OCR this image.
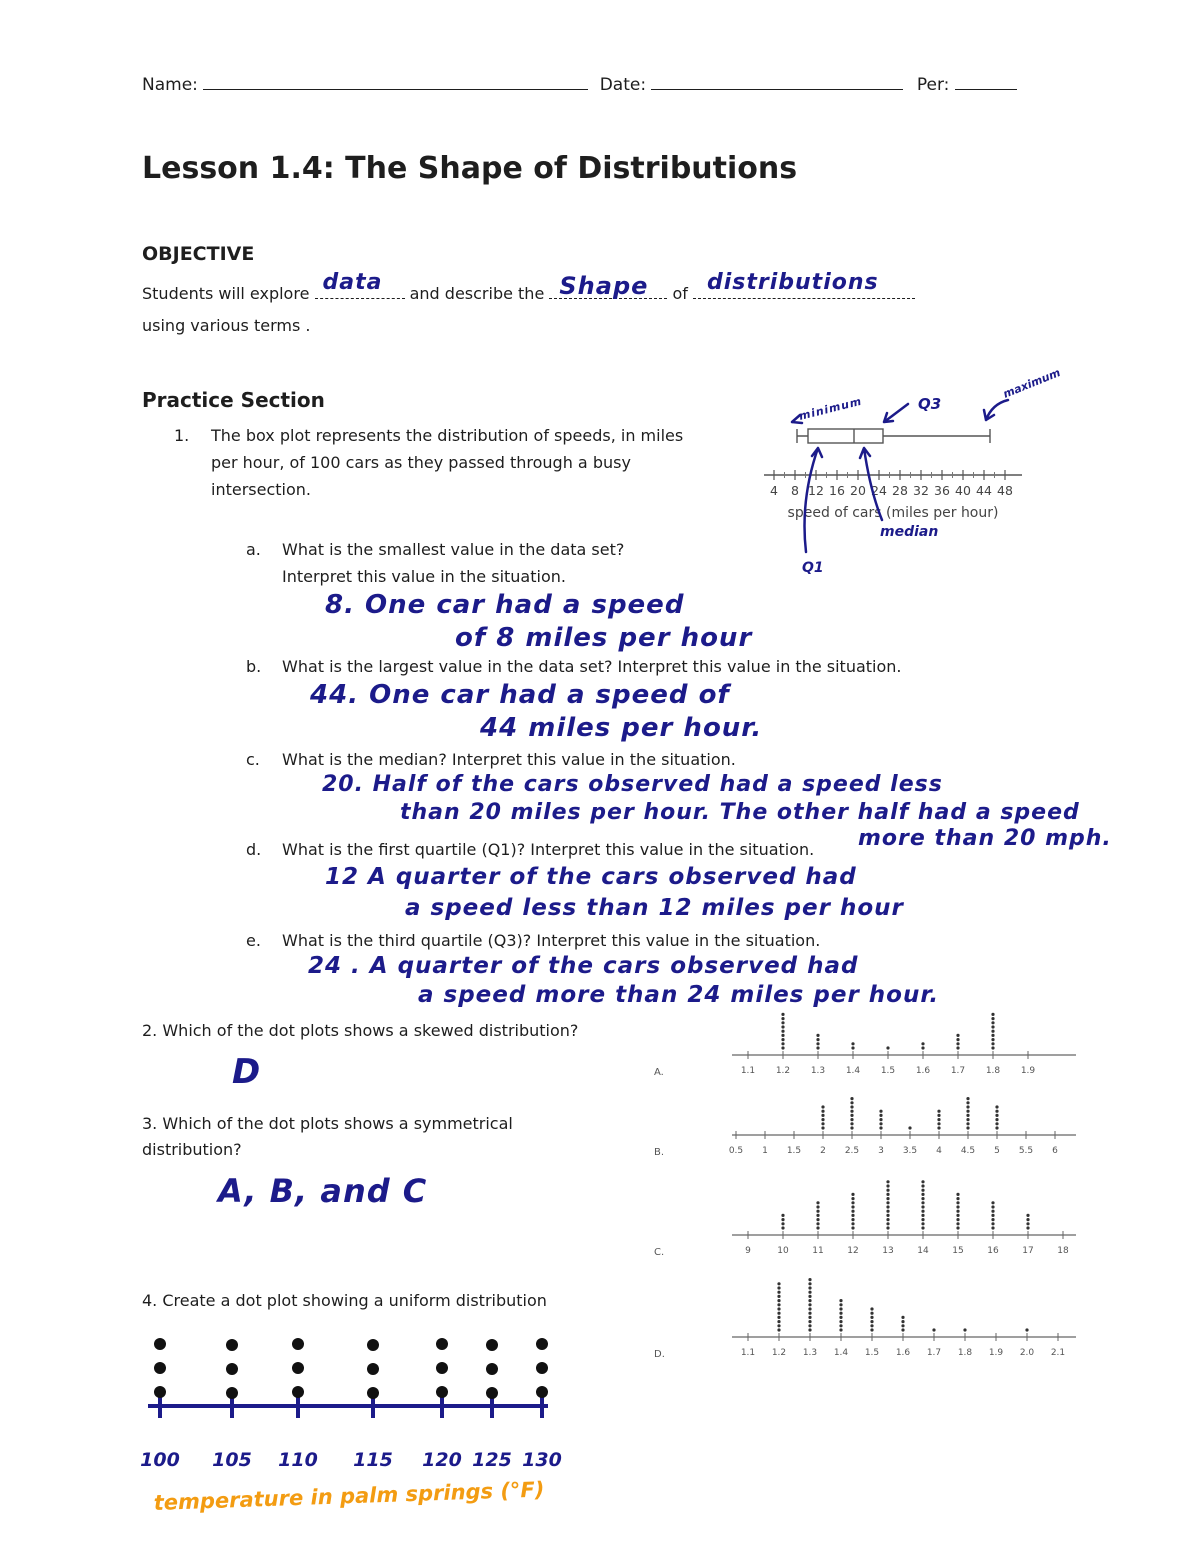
Name:	Date:	Per:
Lesson 1.4: The Shape of Distributions
OBJECTIVE
Students will explore data and describe the Shape of distributions
using various terms .
Practice Section
1. The box plot represents the distribution of speeds, in miles
per hour, of 100 cars as they passed through a busy
intersection.	4 8 12 16 20 24 28 32 36 40 44 48
speed of cars (miles per hour)
minimum	Q3
maximum
median
Q1
a. What is the smallest value in the data set?
Interpret this value in the situation.
8. One car had a speed
of 8 miles per hour
b. What is the largest value in the data set? Interpret this value in the situation.
44. One car had a speed of
44 miles per hour.
c. What is the median? Interpret this value in the situation.
20. Half of the cars observed had a speed less
than 20 miles per hour. The other half had a speed
more than 20 mph.
d. What is the first quartile (Q1)? Interpret this value in the situation.
12 A quarter of the cars observed had
a speed less than 12 miles per hour
e. What is the third quartile (Q3)? Interpret this value in the situation.
24 . A quarter of the cars observed had
a speed more than 24 miles per hour.
2. Which of the dot plots shows a skewed distribution?
D
3. Which of the dot plots shows a symmetrical
distribution?
A, B, and C
4. Create a dot plot showing a uniform distribution
100 105 110 115 120 125 130
temperature in palm springs (°F)
A.	1.1 1.2 1.3 1.4 1.5 1.6 1.7 1.8 1.9
B.	0.5 1 1.5 2 2.5 3 3.5 4 4.5 5 5.5 6
C.	9	10	11	12	13	14	15	16	17	18
D.	1.1 1.2 1.3 1.4 1.5 1.6 1.7 1.8 1.9 2.0 2.1
